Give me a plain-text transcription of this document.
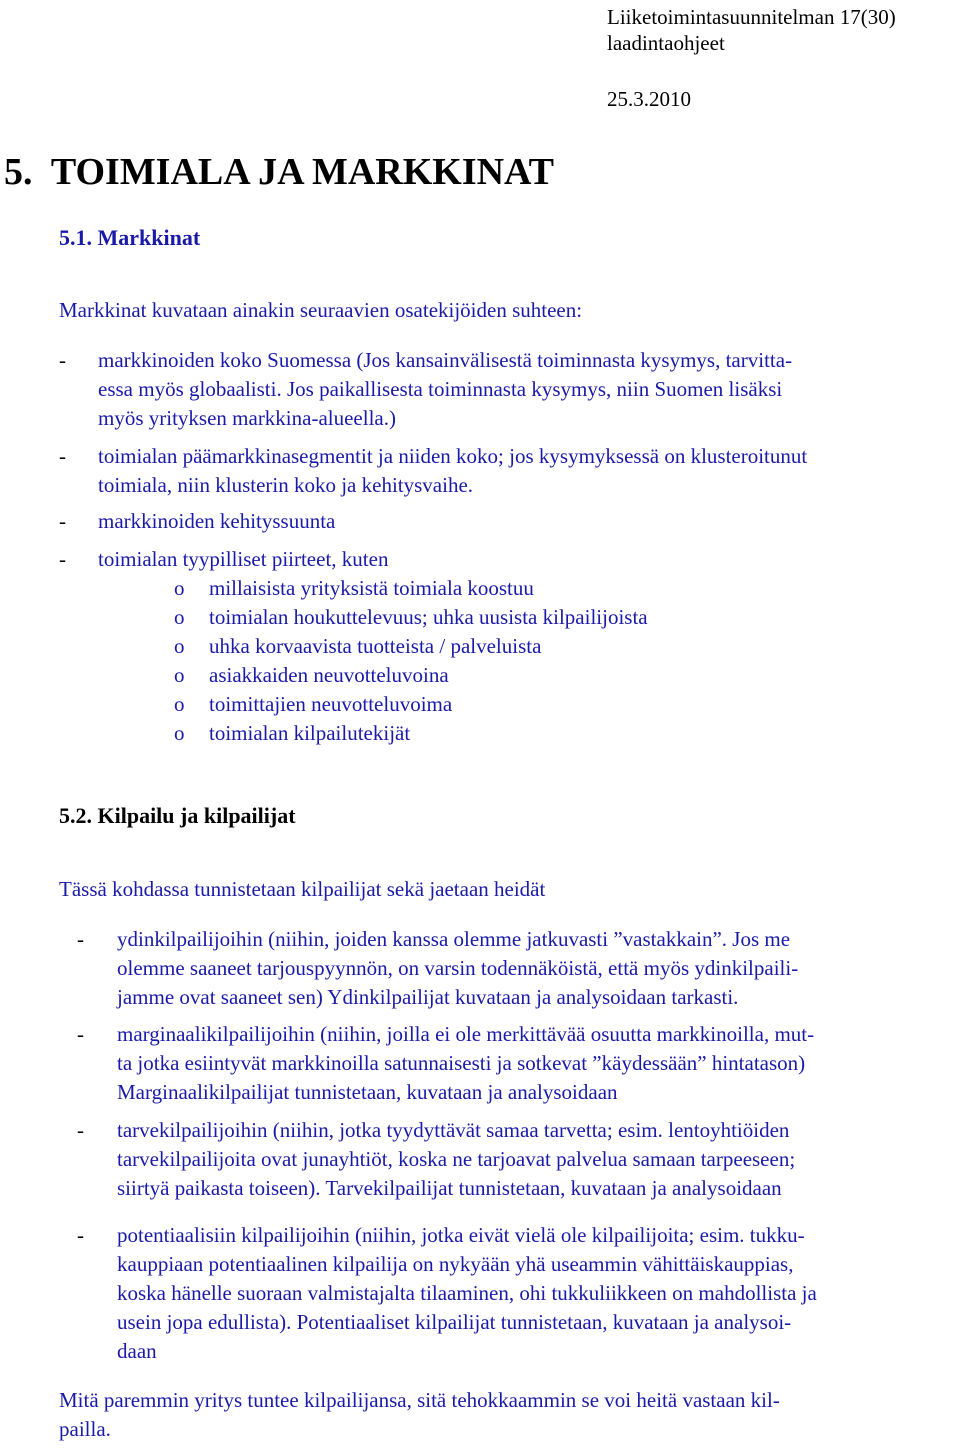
Liiketoimintasuunnitelman 17(30)
laadintaohjeet
25.3.2010
5.  TOIMIALA JA MARKKINAT
5.1. Markkinat
Markkinat kuvataan ainakin seuraavien osatekijöiden suhteen:
- markkinoiden koko Suomessa (Jos kansainvälisestä toiminnasta kysymys, tarvitta-
essa myös globaalisti. Jos paikallisesta toiminnasta kysymys, niin Suomen lisäksi
myös yrityksen markkina-alueella.)
- toimialan päämarkkinasegmentit ja niiden koko; jos kysymyksessä on klusteroitunut
toimiala, niin klusterin koko ja kehitysvaihe.
- markkinoiden kehityssuunta
- toimialan tyypilliset piirteet, kuten
o millaisista yrityksistä toimiala koostuu
o toimialan houkuttelevuus; uhka uusista kilpailijoista
o uhka korvaavista tuotteista / palveluista
o asiakkaiden neuvotteluvoina
o toimittajien neuvotteluvoima
o toimialan kilpailutekijät
5.2. Kilpailu ja kilpailijat
Tässä kohdassa tunnistetaan kilpailijat sekä jaetaan heidät
- ydinkilpailijoihin (niihin, joiden kanssa olemme jatkuvasti ”vastakkain”. Jos me
olemme saaneet tarjouspyynnön, on varsin todennäköistä, että myös ydinkilpaili-
jamme ovat saaneet sen) Ydinkilpailijat kuvataan ja analysoidaan tarkasti.
- marginaalikilpailijoihin (niihin, joilla ei ole merkittävää osuutta markkinoilla, mut-
ta jotka esiintyvät markkinoilla satunnaisesti ja sotkevat ”käydessään” hintatason)
Marginaalikilpailijat tunnistetaan, kuvataan ja analysoidaan
- tarvekilpailijoihin (niihin, jotka tyydyttävät samaa tarvetta; esim. lentoyhtiöiden
tarvekilpailijoita ovat junayhtiöt, koska ne tarjoavat palvelua samaan tarpeeseen;
siirtyä paikasta toiseen). Tarvekilpailijat tunnistetaan, kuvataan ja analysoidaan
- potentiaalisiin kilpailijoihin (niihin, jotka eivät vielä ole kilpailijoita; esim. tukku-
kauppiaan potentiaalinen kilpailija on nykyään yhä useammin vähittäiskauppias,
koska hänelle suoraan valmistajalta tilaaminen, ohi tukkuliikkeen on mahdollista ja
usein jopa edullista). Potentiaaliset kilpailijat tunnistetaan, kuvataan ja analysoi-
daan
Mitä paremmin yritys tuntee kilpailijansa, sitä tehokkaammin se voi heitä vastaan kil-
pailla.
